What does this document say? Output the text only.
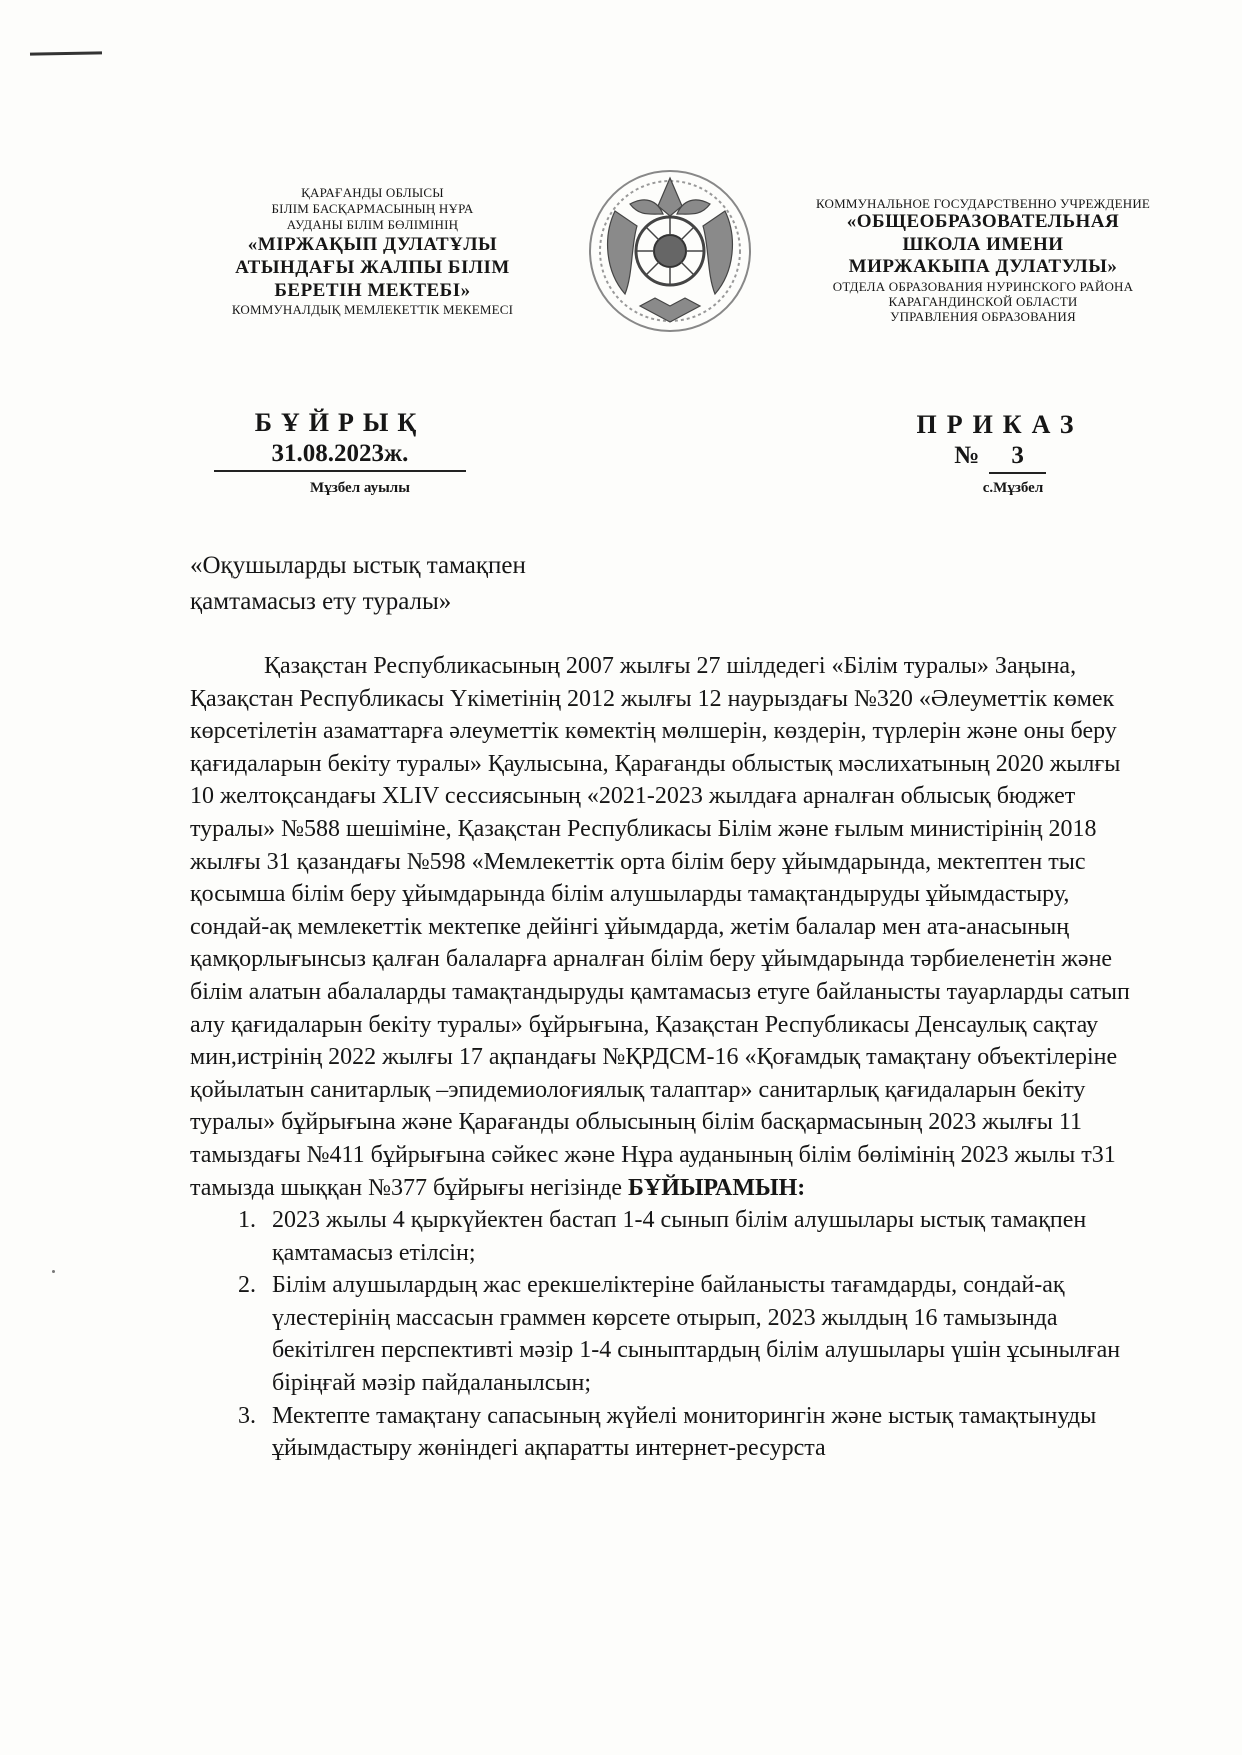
ҚАРАҒАНДЫ ОБЛЫСЫ
БІЛІМ БАСҚАРМАСЫНЫҢ НҰРА
АУДАНЫ БІЛІМ БӨЛІМІНІҢ
«МІРЖАҚЫП ДУЛАТҰЛЫ
АТЫНДАҒЫ ЖАЛПЫ БІЛІМ
БЕРЕТІН МЕКТЕБІ»
КОММУНАЛДЫҚ МЕМЛЕКЕТТІК МЕКЕМЕСІ
КОММУНАЛЬНОЕ ГОСУДАРСТВЕННО УЧРЕЖДЕНИЕ
«ОБЩЕОБРАЗОВАТЕЛЬНАЯ
ШКОЛА ИМЕНИ
МИРЖАКЫПА ДУЛАТУЛЫ»
ОТДЕЛА ОБРАЗОВАНИЯ НУРИНСКОГО РАЙОНА
КАРАГАНДИНСКОЙ ОБЛАСТИ
УПРАВЛЕНИЯ ОБРАЗОВАНИЯ
БҰЙРЫҚ
31.08.2023ж.
Мұзбел ауылы
ПРИКАЗ
№ 3
с.Мұзбел
«Оқушыларды ыстық тамақпен
қамтамасыз ету туралы»

Қазақстан Республикасының 2007 жылғы 27 шілдедегі «Білім туралы» Заңына, Қазақстан Республикасы Үкіметінің 2012 жылғы 12 наурыздағы №320 «Әлеуметтік көмек көрсетілетін азаматтарға әлеуметтік көмектің мөлшерін, көздерін, түрлерін және оны беру қағидаларын бекіту туралы» Қаулысына, Қарағанды облыстық мәслихатының 2020 жылғы 10 желтоқсандағы XLIV сессиясының «2021-2023 жылдаға арналған облысық бюджет туралы» №588 шешіміне, Қазақстан Республикасы Білім және ғылым министірінің 2018 жылғы 31 қазандағы №598 «Мемлекеттік орта білім беру ұйымдарында, мектептен тыс қосымша білім беру ұйымдарында білім алушыларды тамақтандыруды ұйымдастыру, сондай-ақ мемлекеттік мектепке дейінгі ұйымдарда, жетім балалар мен ата-анасының қамқорлығынсыз қалған балаларға арналған білім беру ұйымдарында тәрбиеленетін және білім алатын абалаларды тамақтандыруды қамтамасыз етуге байланысты тауарларды сатып алу қағидаларын бекіту туралы» бұйрығына, Қазақстан Республикасы Денсаулық сақтау мин,истрінің 2022 жылғы 17 ақпандағы №ҚРДСМ-16 «Қоғамдық тамақтану объектілеріне қойылатын санитарлық –эпидемиолоғиялық талаптар» санитарлық қағидаларын бекіту туралы» бұйрығына және Қарағанды облысының білім басқармасының 2023 жылғы 11 тамыздағы №411 бұйрығына сәйкес және Нұра ауданының білім бөлімінің 2023 жылы т31 тамызда шыққан №377 бұйрығы негізінде БҰЙЫРАМЫН:

1. 2023 жылы 4 қыркүйектен бастап 1-4 сынып білім алушылары ыстық тамақпен қамтамасыз етілсін;
2. Білім алушылардың жас ерекшеліктеріне байланысты тағамдарды, сондай-ақ үлестерінің массасын граммен көрсете отырып, 2023 жылдың 16 тамызында бекітілген перспективті мәзір 1-4 сыныптардың білім алушылары үшін ұсынылған біріңғай мәзір пайдаланылсын;
3. Мектепте тамақтану сапасының жүйелі мониторингін және ыстық тамақтынуды ұйымдастыру жөніндегі ақпаратты интернет-ресурста
